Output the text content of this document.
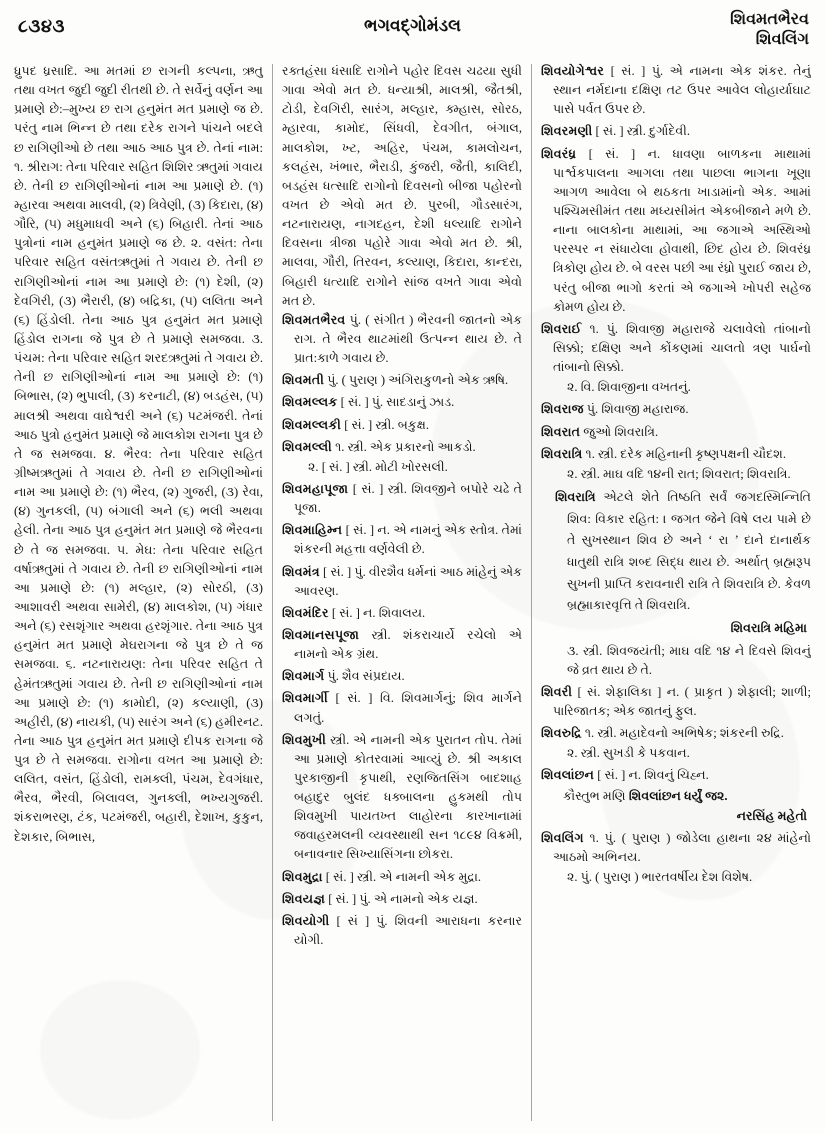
૮૩૪૩	ભગવદ્ગોમંડલ	શિવમતભૈરવ
શિવલિંગ

ધ્રુપદ ધ્રસાદિ. આ મતમાં છ રાગની કલ્પના, ઋતુ તથા વખત જુદી જુદી રીતથી છે. તે સર્વેનું વર્ણન આ પ્રમાણે છે:–મુખ્ય છ રાગ હનુમંત મત પ્રમાણે જ છે. પરંતુ નામ ભિન્ન છે તથા દરેક રાગને પાંચને બદલે છ રાગિણીઓ છે તથા આઠ આઠ પુત્ર છે. તેનાં નામ: ૧. શ્રીરાગ: તેના પરિવાર સહિત શિશિર ઋતુમાં ગવાય છે. તેની છ રાગિણીઓનાં નામ આ પ્રમાણે છે. (૧) મ્હારવા અથવા માલવી, (૨) ત્રિવેણી, (૩) કિદારા, (૪) ગૌરિ, (૫) મધુમાધવી અને (૬) બિહારી. તેનાં આઠ પુત્રોનાં નામ હનુમંત પ્રમાણે જ છે. ૨. વસંત: તેના પરિવાર સહિત વસંતઋતુમાં તે ગવાય છે. તેની છ રાગિણીઓનાં નામ આ પ્રમાણે છે: (૧) દેશી, (૨) દેવગિરી, (૩) ભૈરારી, (૪) બદ્રિકા, (૫) લલિતા અને (૬) હિંડોલી. તેના આઠ પુત્ર હનુમંત મત પ્રમાણે હિંડોલ રાગના જે પુત્ર છે તે પ્રમાણે સમજવા. ૩. પંચમ: તેના પરિવાર સહિત શરદઋતુમાં તે ગવાય છે. તેની છ રાગિણીઓનાં નામ આ પ્રમાણે છે: (૧) બિભાસ, (૨) ભુપાલી, (૩) કરનાટી, (૪) બડહંસ, (૫) માલશ્રી અથવા વાઘેશ્વરી અને (૬) પટમંજરી. તેનાં આઠ પુત્રો હનુમંત પ્રમાણે જે માલકોશ રાગના પુત્ર છે તે જ સમજવા. ૪. ભૈરવ: તેના પરિવાર સહિત ગ્રીષ્મઋતુમાં તે ગવાય છે. તેની છ રાગિણીઓનાં નામ આ પ્રમાણે છે: (૧) ભૈરવ, (૨) ગુજરી, (૩) રેવા, (૪) ગુનકલી, (૫) બંગાલી અને (૬) ભલી અથવા હેલી. તેના આઠ પુત્ર હનુમંત મત પ્રમાણે જે ભૈરવના છે તે જ સમજવા. ૫. મેઘ: તેના પરિવાર સહિત વર્ષાઋતુમાં તે ગવાય છે. તેની છ રાગિણીઓનાં નામ આ પ્રમાણે છે: (૧) મલ્હાર, (૨) સોરઠી, (૩) આશાવરી અથવા સામેરી, (૪) માલકોશ, (૫) ગંધાર અને (૬) રસશૃંગાર અથવા હરશૃંગાર. તેના આઠ પુત્ર હનુમંત મત પ્રમાણે મેઘરાગના જે પુત્ર છે તે જ સમજવા. ૬. નટનારાયણ: તેના પરિવર સહિત તે હેમંતઋતુમાં ગવાય છે. તેની છ રાગિણીઓનાં નામ આ પ્રમાણે છે: (૧) કામોદી, (૨) કલ્યાણી, (૩) અહીરી, (૪) નાયકી, (૫) સારંગ અને (૬) હમીરનટ. તેના આઠ પુત્ર હનુમંત મત પ્રમાણે દીપક રાગના જે પુત્ર છે તે સમજવા. રાગોના વખત આ પ્રમાણે છે: લલિત, વસંત, હિંડોલી, રામક્લી, પંચમ, દેવગંધાર, ભૈરવ, ભૈરવી, બિલાવલ, ગુનક્લી, ભખ્યગુજરી. શંકરાભરણ, ટંક, પટમંજરી, બહારી, દેશાખ, કુકુન, દેશકાર, બિભાસ,

રક્તહંસા ધંસાદિ રાગોને પહોર દિવસ ચઢયા સુધી ગાવા એવો મત છે. ધન્યાશ્રી, માલશ્રી, જૈતશ્રી, ટોડી, દેવગિરી, સારંગ, મલ્હાર, ક્મ્હાસ, સોરઠ, મ્હારવા, કામોદ, સિંધવી, દેવગીત, બંગાલ, માલકોશ, ખ્ટ, અહિર, પંચમ, કામલોચન, કલહંસ, ખંભાર, ભૈરાડી, કુંજરી, જૈતી, કાલિદી, બડહંસ ધત્સાદિ રાગોનો દિવસનો બીજા પહોરનો વખત છે એવો મત છે. પુરબી, ગૌડસારંગ, નટનારાયણ, નાગદહન, દેશી ધલ્યાદિ રાગોને દિવસના ત્રીજા પહોરે ગાવા એવો મત છે. શ્રી, માલવા, ગૌરી, તિરવન, કલ્યાણ, કિદારા, કાન્દરા, બિહારી ધત્યાદિ રાગોને સાંજ વખતે ગાવા એવો મત છે.

શિવમતભૈરવ પું. ( સંગીત ) ભૈરવની જાતનો એક રાગ. તે ભૈરવ થાટમાંથી ઉત્પન્ન થાય છે. તે પ્રાત:કાળે ગવાય છે.
શિવમતી પું. ( પુરાણ ) અંગિરાકુળનો એક ઋષિ.
શિવમલ્લક [ સં. ] પું. સાદડાનું ઝાડ.
શિવમલ્લકી [ સં. ] સ્ત્રી. બકુક્ષ.
શિવમલ્લી ૧. સ્ત્રી. એક પ્રકારનો આકડો.
૨. [ સં. ] સ્ત્રી. મોટી ખોરસલી.
શિવમહાપૂજા [ સં. ] સ્ત્રી. શિવજીને બપોરે ચઢે તે પૂજા.
શિવમાહિમ્ન [ સં. ] ન. એ નામનું એક સ્તોત્ર. તેમાં શંકરની મહત્તા વર્ણવેલી છે.
શિવમંત્ર [ સં. ] પું. વીરશૈવ ધર્મનાં આઠ માંહેનું એક આવરણ.
શિવમંદિર [ સં. ] ન. શિવાલય.
શિવમાનસપૂજા સ્ત્રી. શંકરાચાર્યે રચેલો એ નામનો એક ગ્રંથ.
શિવમાર્ગ પું. શૈવ સંપ્રદાય.
શિવમાર્ગી [ સં. ] વિ. શિવમાર્ગનું; શિવ માર્ગને લગતું.
શિવમુખી સ્ત્રી. એ નામની એક પુરાતન તોપ. તેમાં આ પ્રમાણે કોતરવામાં આવ્યું છે. શ્રી અકાલ પુરકાજીની કૃપાથી, રણજિતસિંગ બાદશાહ બહાદુર બુલંદ ધક્બાલના હુકમથી તોપ શિવમુખી પાયતખ્ત લાહોરના કારખાનામાં જવાહરમલની વ્યવસ્થાથી સન ૧૮૯૪ વિક્રમી, બનાવનાર સિખ્યાસિંગના છોકરા.
શિવમુદ્રા [ સં. ] સ્ત્રી. એ નામની એક મુદ્રા.
શિવયજ્ઞ [ સં. ] પું. એ નામનો એક યજ્ઞ.
શિવયોગી [ સં ] પું. શિવની આરાધના કરનાર યોગી.
શિવયોગેશ્વર [ સં. ] પું. એ નામના એક શંકર. તેનું સ્થાન નર્મદાના દક્ષિણ તટ ઉપર આવેલ લોહાર્યાઘાટ પાસે પર્વત ઉપર છે.
શિવરમણી [ સં. ] સ્ત્રી. દુર્ગાદેવી.
શિવરંધ્ર [ સં. ] ન. ધાવણા બાળકના માથામાં પાર્શ્વકપાલના આગલા તથા પાછલા ભાગના ખૂણા આગળ આવેલા બે થઠકતા ખાડામાંનો એક. આમાં પશ્ચિમસીમંત તથા મધ્યસીમંત એકબીજાને મળે છે. નાના બાલકોના માથામાં, આ જગાએ અસ્થિઓ પરસ્પર ન સંધાયેલા હોવાથી, છિદ હોય છે. શિવરંધ્ર ત્રિકોણ હોય છે. બે વરસ પછી આ રંધ્રો પુરાઈ જાય છે, પરંતુ બીજા ભાગો કરતાં એ જગાએ ખોપરી સહેજ કોમળ હોય છે.
શિવરાઈ ૧. પું. શિવાજી મહારાજે ચલાવેલો તાંબાનો સિક્કો; દક્ષિણ અને કોંકણમાં ચાલતો ત્રણ પાર્ઘનો તાંબાનો સિક્કો.
૨. વિ. શિવાજીના વખતનું.
શિવરાજ પું. શિવાજી મહારાજ.
શિવરાત જુઓ શિવરાત્રિ.
શિવરાત્રિ ૧. સ્ત્રી. દરેક મહિનાની કૃષ્ણપક્ષની ચૌદશ.
૨. સ્ત્રી. માઘ વદિ ૧૪ની રાત; શિવરાત; શિવરાત્રિ.
શિવરાત્રિ એટલે શેતે તિષ્ઠતિ સર્વં જગદસ્મિન્નિતિ શિવ: વિકાર રહિત: । જગત જેને વિષે લય પામે છે તે સુખસ્થાન શિવ છે અને ‘ રા ’ દાને દાનાર્થક ધાતુથી રાત્રિ શબ્દ સિદ્ધ થાય છે. અર્થાત્ બ્રહ્મરૂપ સુખની પ્રાપ્તિ કરાવનારી રાત્રિ તે શિવરાત્રિ છે. કેવળ બ્રહ્માકારવૃત્તિ તે શિવરાત્રિ.
શિવરાત્રિ મહિમા
૩. સ્ત્રી. શિવજયંતી; માઘ વદિ ૧૪ ને દિવસે શિવનું જે વ્રત થાય છે તે.
શિવરી [ સં. શેફાલિકા ] ન. ( પ્રાકૃત ) શેફાલી; શાળી; પારિજાતક; એક જાતનું ફુલ.
શિવરુદ્રિ ૧. સ્ત્રી. મહાદેવનો અભિષેક; શંકરની રુદ્રિ.
૨. સ્ત્રી. સુખડી કે પકવાન.
શિવલાંછન [ સં. ] ન. શિવનું ચિહ્ન.
કૌસ્તુભ મણિ શિવલાંછન ધર્યું જ૨.
નરસિંહ મહેતો
શિવલિંગ ૧. પું. ( પુરાણ ) જોડેલા હાથના ૨૪ માંહેનો આઠમો અભિનય.
૨. પું. ( પુરાણ ) ભારતવર્ષીય દેશ વિશેષ.
